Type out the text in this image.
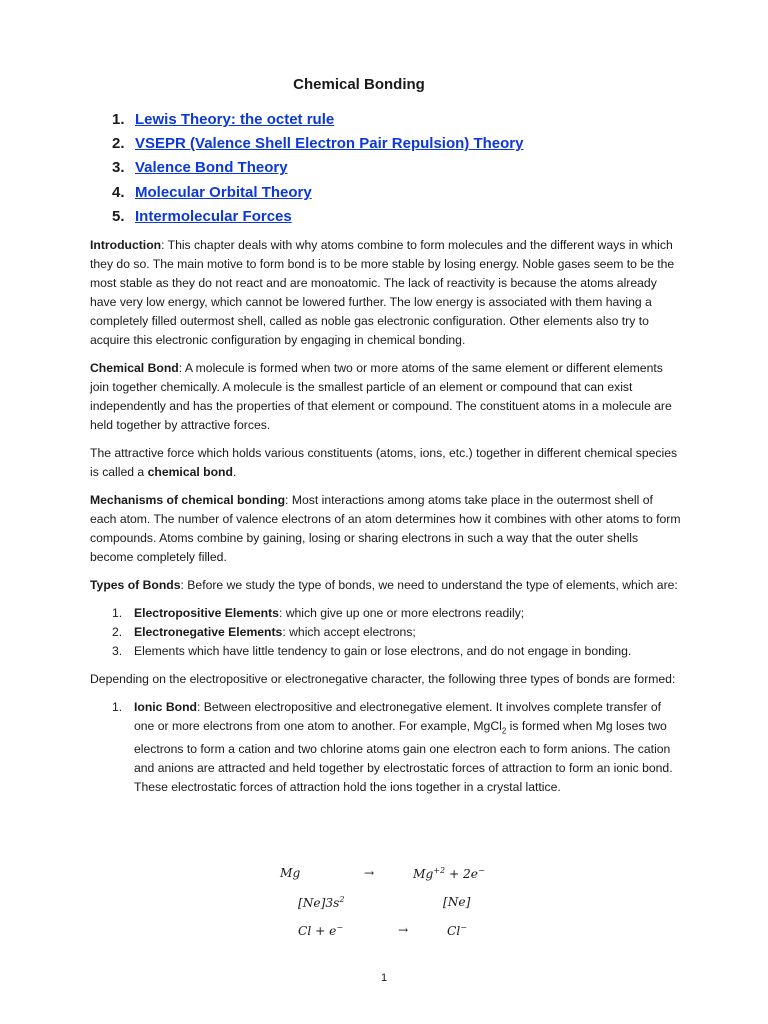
Chemical Bonding
1. Lewis Theory: the octet rule
2. VSEPR (Valence Shell Electron Pair Repulsion) Theory
3. Valence Bond Theory
4. Molecular Orbital Theory
5. Intermolecular Forces

Introduction: This chapter deals with why atoms combine to form molecules and the different ways in which they do so. The main motive to form bond is to be more stable by losing energy. Noble gases seem to be the most stable as they do not react and are monoatomic. The lack of reactivity is because the atoms already have very low energy, which cannot be lowered further. The low energy is associated with them having a completely filled outermost shell, called as noble gas electronic configuration. Other elements also try to acquire this electronic configuration by engaging in chemical bonding.

Chemical Bond: A molecule is formed when two or more atoms of the same element or different elements join together chemically. A molecule is the smallest particle of an element or compound that can exist independently and has the properties of that element or compound. The constituent atoms in a molecule are held together by attractive forces.

The attractive force which holds various constituents (atoms, ions, etc.) together in different chemical species is called a chemical bond.

Mechanisms of chemical bonding: Most interactions among atoms take place in the outermost shell of each atom. The number of valence electrons of an atom determines how it combines with other atoms to form compounds. Atoms combine by gaining, losing or sharing electrons in such a way that the outer shells become completely filled.

Types of Bonds: Before we study the type of bonds, we need to understand the type of elements, which are:

1. Electropositive Elements: which give up one or more electrons readily;
2. Electronegative Elements: which accept electrons;
3. Elements which have little tendency to gain or lose electrons, and do not engage in bonding.

Depending on the electropositive or electronegative character, the following three types of bonds are formed:

1. Ionic Bond: Between electropositive and electronegative element. It involves complete transfer of one or more electrons from one atom to another. For example, MgCl$_2$ is formed when Mg loses two electrons to form a cation and two chlorine atoms gain one electron each to form anions. The cation and anions are attracted and held together by electrostatic forces of attraction to form an ionic bond. These electrostatic forces of attraction hold the ions together in a crystal lattice.
Mg	→	$Mg^{+2} + 2e^-$
$[Ne]3s^2$	[Ne]
Cl + e−	→	Cl−
1
